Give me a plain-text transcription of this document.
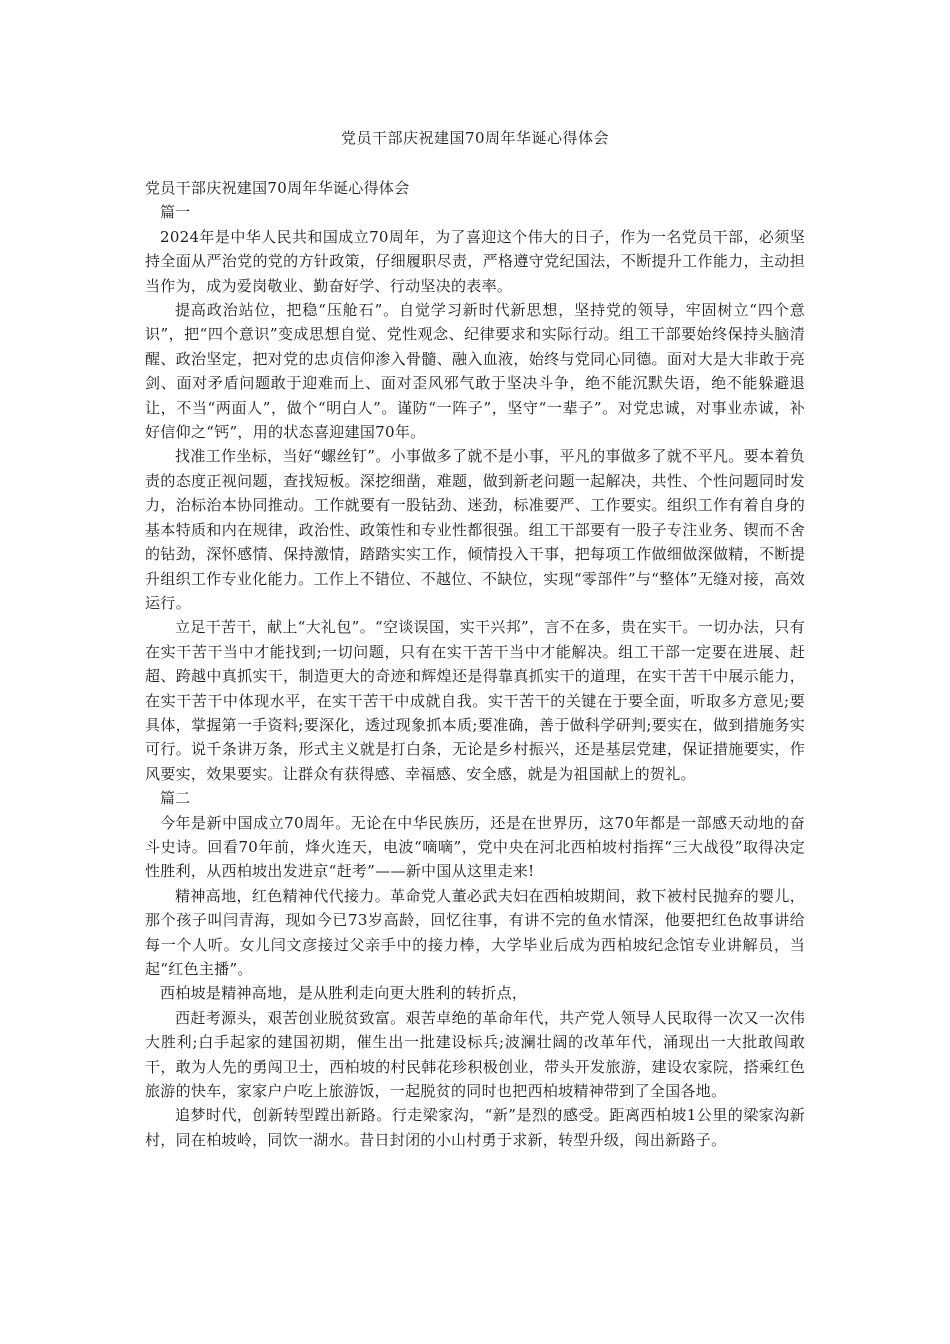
党员干部庆祝建国70周年华诞心得体会

党员干部庆祝建国70周年华诞心得体会

篇一

2024年是中华人民共和国成立70周年，为了喜迎这个伟大的日子，作为一名党员干部，必须坚持全面从严治党的党的方针政策，仔细履职尽责，严格遵守党纪国法，不断提升工作能力，主动担当作为，成为爱岗敬业、勤奋好学、行动坚决的表率。

提高政治站位，把稳“压舱石”。自觉学习新时代新思想，坚持党的领导，牢固树立“四个意识”，把“四个意识”变成思想自觉、党性观念、纪律要求和实际行动。组工干部要始终保持头脑清醒、政治坚定，把对党的忠贞信仰渗入骨髓、融入血液，始终与党同心同德。面对大是大非敢于亮剑、面对矛盾问题敢于迎难而上、面对歪风邪气敢于坚决斗争，绝不能沉默失语，绝不能躲避退让，不当“两面人”，做个“明白人”。谨防“一阵子”，坚守“一辈子”。对党忠诚，对事业赤诚，补好信仰之“钙”，用的状态喜迎建国70年。

找准工作坐标，当好“螺丝钉”。小事做多了就不是小事，平凡的事做多了就不平凡。要本着负责的态度正视问题，查找短板。深挖细凿，难题，做到新老问题一起解决，共性、个性问题同时发力，治标治本协同推动。工作就要有一股钻劲、迷劲，标准要严、工作要实。组织工作有着自身的基本特质和内在规律，政治性、政策性和专业性都很强。组工干部要有一股子专注业务、锲而不舍的钻劲，深怀感情、保持激情，踏踏实实工作，倾情投入干事，把每项工作做细做深做精，不断提升组织工作专业化能力。工作上不错位、不越位、不缺位，实现“零部件”与“整体”无缝对接，高效运行。

立足干苦干，献上“大礼包”。“空谈误国，实干兴邦”，言不在多，贵在实干。一切办法，只有在实干苦干当中才能找到;一切问题，只有在实干苦干当中才能解决。组工干部一定要在进展、赶超、跨越中真抓实干，制造更大的奇迹和辉煌还是得靠真抓实干的道理，在实干苦干中展示能力，在实干苦干中体现水平，在实干苦干中成就自我。实干苦干的关键在于要全面，听取多方意见;要具体，掌握第一手资料;要深化，透过现象抓本质;要准确，善于做科学研判;要实在，做到措施务实可行。说千条讲万条，形式主义就是打白条，无论是乡村振兴，还是基层党建，保证措施要实，作风要实，效果要实。让群众有获得感、幸福感、安全感，就是为祖国献上的贺礼。

篇二

今年是新中国成立70周年。无论在中华民族历，还是在世界历，这70年都是一部感天动地的奋斗史诗。回看70年前，烽火连天，电波“嘀嘀”，党中央在河北西柏坡村指挥“三大战役”取得决定性胜利，从西柏坡出发进京“赶考”——新中国从这里走来!

精神高地，红色精神代代接力。革命党人董必武夫妇在西柏坡期间，救下被村民抛弃的婴儿，那个孩子叫闫青海，现如今已73岁高龄，回忆往事，有讲不完的鱼水情深，他要把红色故事讲给每一个人听。女儿闫文彦接过父亲手中的接力棒，大学毕业后成为西柏坡纪念馆专业讲解员，当起“红色主播”。

西柏坡是精神高地，是从胜利走向更大胜利的转折点，

西赶考源头，艰苦创业脱贫致富。艰苦卓绝的革命年代，共产党人领导人民取得一次又一次伟大胜利;白手起家的建国初期，催生出一批建设标兵;波澜壮阔的改革年代，涌现出一大批敢闯敢干，敢为人先的勇闯卫士，西柏坡的村民韩花珍积极创业，带头开发旅游，建设农家院，搭乘红色旅游的快车，家家户户吃上旅游饭，一起脱贫的同时也把西柏坡精神带到了全国各地。

追梦时代，创新转型蹚出新路。行走梁家沟，“新”是烈的感受。距离西柏坡1公里的梁家沟新村，同在柏坡岭，同饮一湖水。昔日封闭的小山村勇于求新，转型升级，闯出新路子。
